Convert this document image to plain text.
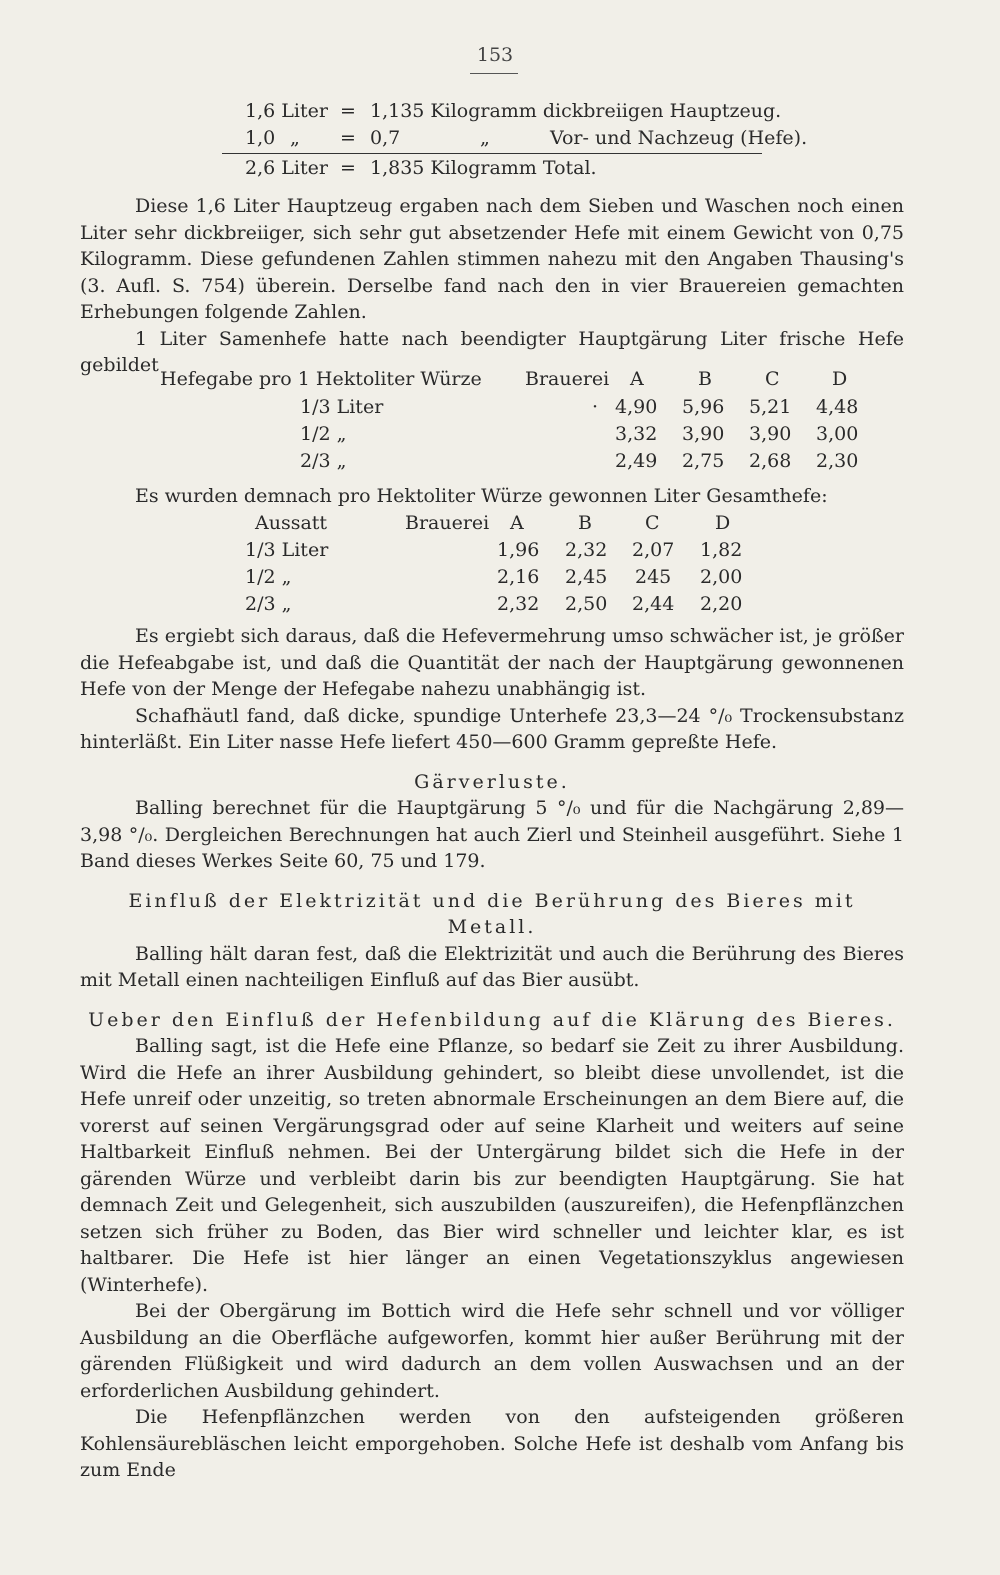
153
1,6 Liter = 1,135 Kilogramm dickbreiigen Hauptzeug.
1,0 „ = 0,7	„	Vor- und Nachzeug (Hefe).
2,6 Liter = 1,835 Kilogramm Total.

Diese 1,6 Liter Hauptzeug ergaben nach dem Sieben und Waschen noch einen Liter sehr dickbreiiger, sich sehr gut absetzender Hefe mit einem Gewicht von 0,75 Kilogramm. Diese gefundenen Zahlen stimmen nahezu mit den Angaben Thausing's (3. Aufl. S. 754) überein. Derselbe fand nach den in vier Brauereien gemachten Erhebungen folgende Zahlen.

1 Liter Samenhefe hatte nach beendigter Hauptgärung Liter frische Hefe gebildet

Hefegabe pro 1 Hektoliter Würze Brauerei A	B	C	D
1/3 Liter	· 4,90 5,96 5,21 4,48
1/2 „	3,32 3,90 3,90 3,00
2/3 „	2,49 2,75 2,68 2,30

Es wurden demnach pro Hektoliter Würze gewonnen Liter Gesamthefe:

Aussatt	Brauerei A	B	C	D
1/3 Liter	1,96 2,32 2,07 1,82
1/2 „	2,16 2,45 245 2,00
2/3 „	2,32 2,50 2,44 2,20

Es ergiebt sich daraus, daß die Hefevermehrung umso schwächer ist, je größer die Hefeabgabe ist, und daß die Quantität der nach der Hauptgärung gewonnenen Hefe von der Menge der Hefegabe nahezu unabhängig ist.

Schafhäutl fand, daß dicke, spundige Unterhefe 23,3—24 °/₀ Trockensubstanz hinterläßt. Ein Liter nasse Hefe liefert 450—600 Gramm gepreßte Hefe.

Gärverluste.

Balling berechnet für die Hauptgärung 5 °/₀ und für die Nachgärung 2,89—3,98 °/₀. Dergleichen Berechnungen hat auch Zierl und Steinheil ausgeführt. Siehe 1 Band dieses Werkes Seite 60, 75 und 179.

Einfluß der Elektrizität und die Berührung des Bieres mit Metall.

Balling hält daran fest, daß die Elektrizität und auch die Berührung des Bieres mit Metall einen nachteiligen Einfluß auf das Bier ausübt.

Ueber den Einfluß der Hefenbildung auf die Klärung des Bieres.

Balling sagt, ist die Hefe eine Pflanze, so bedarf sie Zeit zu ihrer Ausbildung. Wird die Hefe an ihrer Ausbildung gehindert, so bleibt diese unvollendet, ist die Hefe unreif oder unzeitig, so treten abnormale Erscheinungen an dem Biere auf, die vorerst auf seinen Vergärungsgrad oder auf seine Klarheit und weiters auf seine Haltbarkeit Einfluß nehmen. Bei der Untergärung bildet sich die Hefe in der gärenden Würze und verbleibt darin bis zur beendigten Hauptgärung. Sie hat demnach Zeit und Gelegenheit, sich auszubilden (auszureifen), die Hefenpflänzchen setzen sich früher zu Boden, das Bier wird schneller und leichter klar, es ist haltbarer. Die Hefe ist hier länger an einen Vegetationszyklus angewiesen (Winterhefe).

Bei der Obergärung im Bottich wird die Hefe sehr schnell und vor völliger Ausbildung an die Oberfläche aufgeworfen, kommt hier außer Berührung mit der gärenden Flüßigkeit und wird dadurch an dem vollen Auswachsen und an der erforderlichen Ausbildung gehindert.

Die Hefenpflänzchen werden von den aufsteigenden größeren Kohlensäurebläschen leicht emporgehoben. Solche Hefe ist deshalb vom Anfang bis zum Ende
